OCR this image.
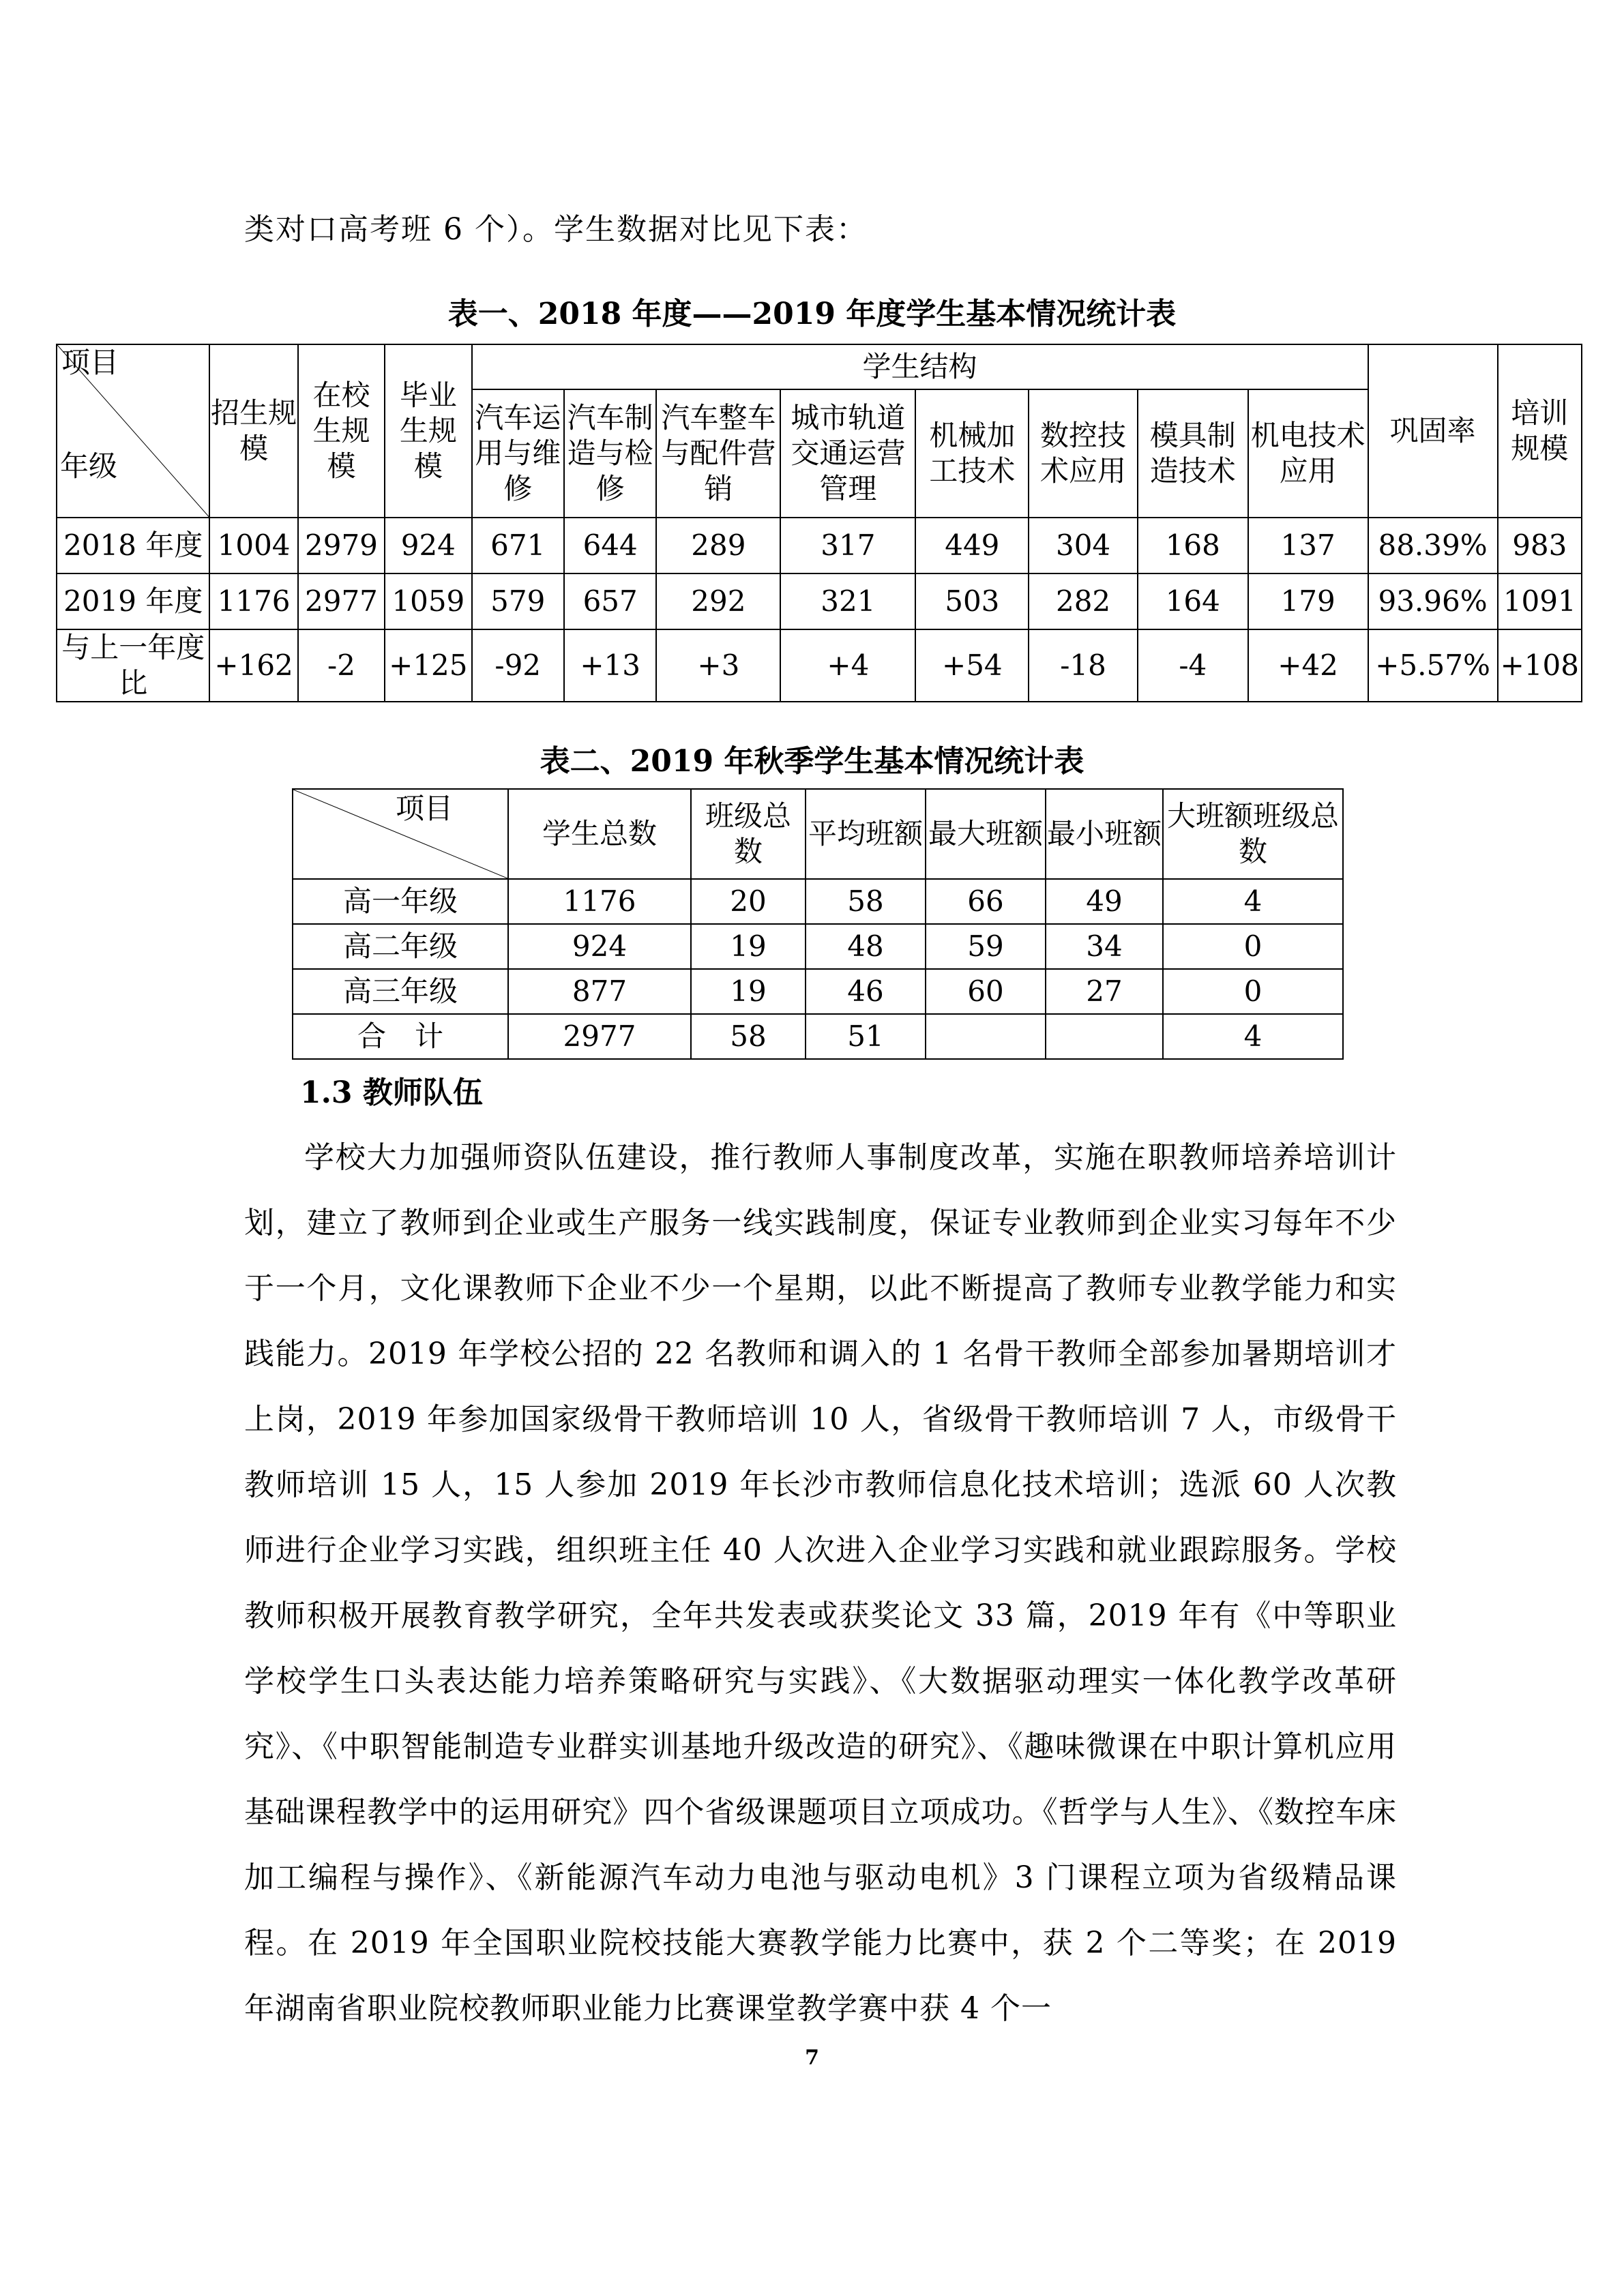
类对口高考班 6 个）。学生数据对比见下表：
表一、2018 年度——2019 年度学生基本情况统计表
项目
年级	招生规模	在校生规模	毕业生规模	学生结构								巩固率	培训规模
				汽车运用与维修	汽车制造与检修	汽车整车与配件营销	城市轨道交通运营管理	机械加工技术	数控技术应用	模具制造技术	机电技术应用		
2018 年度	1004	2979	924	671	644	289	317	449	304	168	137	88.39%	983
2019 年度	1176	2977	1059	579	657	292	321	503	282	164	179	93.96%	1091
与上一年度比	+162	-2	+125	-92	+13	+3	+4	+54	-18	-4	+42	+5.57%	+108
表二、2019 年秋季学生基本情况统计表
项目	学生总数	班级总数	平均班额	最大班额	最小班额	大班额班级总数
高一年级	1176	20	58	66	49	4
高二年级	924	19	48	59	34	0
高三年级	877	19	46	60	27	0
合　计	2977	58	51			4
1.3 教师队伍

学校大力加强师资队伍建设，推行教师人事制度改革，实施在职教师培养培训计划，建立了教师到企业或生产服务一线实践制度，保证专业教师到企业实习每年不少于一个月，文化课教师下企业不少一个星期，以此不断提高了教师专业教学能力和实践能力。2019 年学校公招的 22 名教师和调入的 1 名骨干教师全部参加暑期培训才上岗，2019 年参加国家级骨干教师培训 10 人，省级骨干教师培训 7 人，市级骨干教师培训 15 人，15 人参加 2019 年长沙市教师信息化技术培训；选派 60 人次教师进行企业学习实践，组织班主任 40 人次进入企业学习实践和就业跟踪服务。学校教师积极开展教育教学研究，全年共发表或获奖论文 33 篇，2019 年有《中等职业学校学生口头表达能力培养策略研究与实践》、《大数据驱动理实一体化教学改革研究》、《中职智能制造专业群实训基地升级改造的研究》、《趣味微课在中职计算机应用基础课程教学中的运用研究》四个省级课题项目立项成功。《哲学与人生》、《数控车床加工编程与操作》、《新能源汽车动力电池与驱动电机》3 门课程立项为省级精品课程。在 2019 年全国职业院校技能大赛教学能力比赛中，获 2 个二等奖；在 2019 年湖南省职业院校教师职业能力比赛课堂教学赛中获 4 个一

7
